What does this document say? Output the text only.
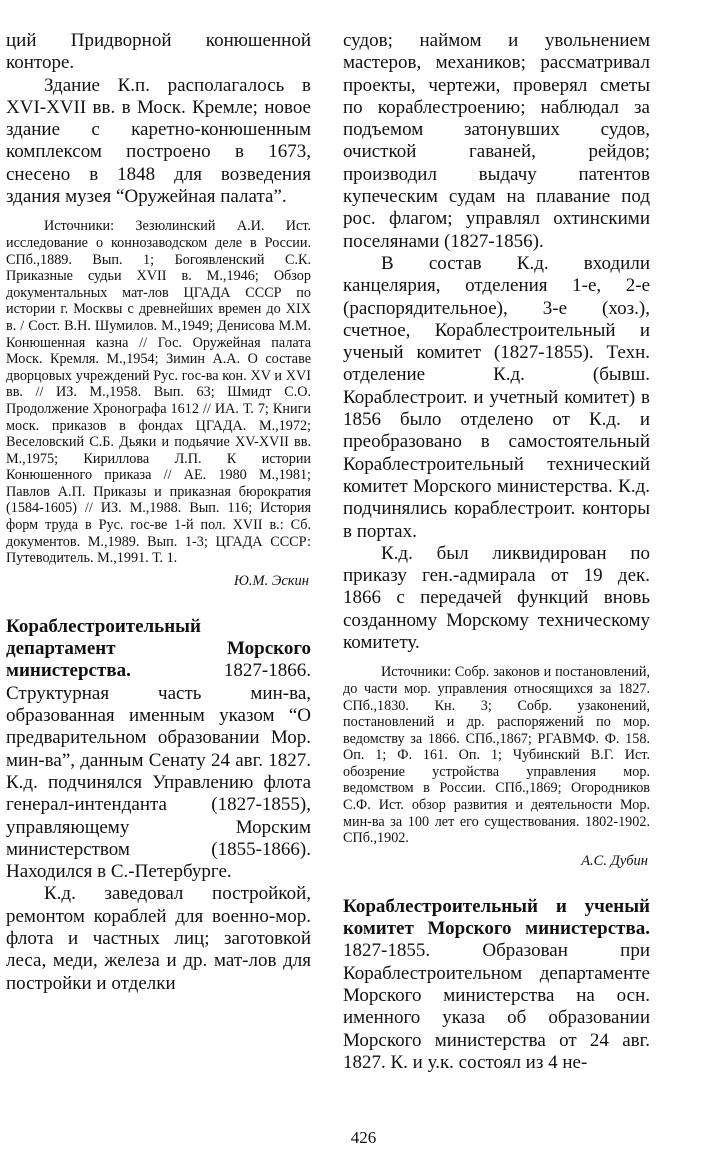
ций Придворной конюшенной конторе.

Здание К.п. располагалось в XVI-XVII вв. в Моск. Кремле; новое здание с каретно-конюшенным комплексом построено в 1673, снесено в 1848 для возведения здания музея “Оружейная палата”.

Источники: Зезюлинский А.И. Ист. исследование о коннозаводском деле в России. СПб.,1889. Вып. 1; Богоявленский С.К. Приказные судьи XVII в. М.,1946; Обзор документальных мат-лов ЦГАДА СССР по истории г. Москвы с древнейших времен до XIX в. / Сост. В.Н. Шумилов. М.,1949; Денисова М.М. Конюшенная казна // Гос. Оружейная палата Моск. Кремля. М.,1954; Зимин А.А. О составе дворцовых учреждений Рус. гос-ва кон. XV и XVI вв. // ИЗ. М.,1958. Вып. 63; Шмидт С.О. Продолжение Хронографа 1612 // ИА. Т. 7; Книги моск. приказов в фондах ЦГАДА. М.,1972; Веселовский С.Б. Дьяки и подьячие XV-XVII вв. М.,1975; Кириллова Л.П. К истории Конюшенного приказа // АЕ. 1980 М.,1981; Павлов А.П. Приказы и приказная бюрократия (1584-1605) // ИЗ. М.,1988. Вып. 116; История форм труда в Рус. гос-ве 1-й пол. XVII в.: Сб. документов. М.,1989. Вып. 1-3; ЦГАДА СССР: Путеводитель. М.,1991. Т. 1.

Ю.М. Эскин

Кораблестроительный департамент Морского министерства.	1827-1866. Структурная часть мин-ва, образованная именным указом “О предварительном образовании Мор. мин-ва”, данным Сенату 24 авг. 1827. К.д. подчинялся Управлению флота генерал-интенданта (1827-1855), управляющему Морским министерством (1855-1866). Находился в С.-Петербурге.

К.д. заведовал постройкой, ремонтом кораблей для военно-мор. флота и частных лиц; заготовкой леса, меди, железа и др. мат-лов для постройки и отделки

судов; наймом и увольнением мастеров, механиков; рассматривал проекты, чертежи, проверял сметы по кораблестроению; наблюдал за подъемом затонувших судов, очисткой гаваней, рейдов; производил выдачу патентов купеческим судам на плавание под рос. флагом; управлял охтинскими поселянами (1827-1856).

В состав К.д. входили канцелярия, отделения 1-е, 2-е (распорядительное), 3-е (хоз.), счетное, Кораблестроительный и ученый комитет (1827-1855). Техн. отделение К.д. (бывш. Кораблестроит. и учетный комитет) в 1856 было отделено от К.д. и преобразовано в самостоятельный Кораблестроительный технический комитет Морского министерства. К.д. подчинялись кораблестроит. конторы в портах.

К.д. был ликвидирован по приказу ген.-адмирала от 19 дек. 1866 с передачей функций вновь созданному Морскому техническому комитету.

Источники: Собр. законов и постановлений, до части мор. управления относящихся за 1827. СПб.,1830. Кн. 3; Собр. узаконений, постановлений и др. распоряжений по мор. ведомству за 1866. СПб.,1867; РГАВМФ. Ф. 158. Оп. 1; Ф. 161. Оп. 1; Чубинский В.Г. Ист. обозрение устройства управления мор. ведомством в России. СПб.,1869; Огородников С.Ф. Ист. обзор развития и деятельности Мор. мин-ва за 100 лет его существования. 1802-1902. СПб.,1902.

А.С. Дубин

Кораблестроительный и ученый комитет Морского министерства. 1827-1855. Образован при Кораблестроительном департаменте Морского министерства на осн. именного указа об образовании Морского министерства от 24 авг. 1827. К. и у.к. состоял из 4 не-

426
